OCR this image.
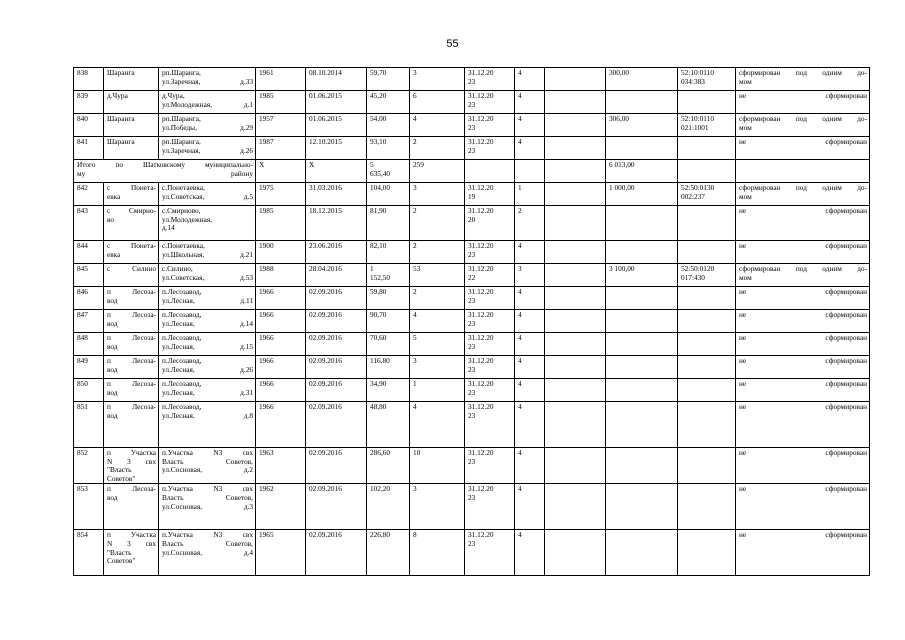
55
838	Шаранга	рп.Шаранга,
ул.Заречная, д.33	1961	08.10.2014	59,70	3	31.12.20
23	4		300,00	52:10:0110
034:383	сформирован под одним до-
мом
839	д.Чура	д.Чура,
ул.Молодежная, д.1	1985	01.06.2015	45,20	6	31.12.20
23	4				не сформирован
840	Шаранга	рп.Шаранга,
ул.Победы, д.29	1957	01.06.2015	54,00	4	31.12.20
23	4		306,00	52:10:0110
021:1001	сформирован под одним до-
мом
841	Шаранга	рп.Шаранга,
ул.Заречная, д.26	1987	12.10.2015	93,10	2	31.12.20
23	4				не сформирован
Итого по Шатковскому муниципально-
му району			Х	Х	5
635,40	259				6 013,00		
842	с Понета-
евка	с.Понетаевка,
ул.Советская, д.5	1975	31.03.2016	104,00	3	31.12.20
19	1		1 000,00	52:50:0130
002:237	сформирован под одним до-
мом
843	с Смирно-
во	с.Смирново,
ул.Молодежная,
д.14	1985	18.12.2015	81,90	2	31.12.20
20	2				не сформирован
844	с Понета-
евка	с.Понетаевка,
ул.Школьная, д.21	1900	23.06.2016	82,10	2	31.12.20
23	4				не сформирован
845	с Силино	с.Силино,
ул.Советская, д.53	1988	28.04.2016	1
152,50	53	31.12.20
22	3		3 100,00	52:50:0120
017:430	сформирован под одним до-
мом
846	п Лесоза-
вод	п.Лесозавод,
ул.Лесная, д.11	1966	02.09.2016	59,80	2	31.12.20
23	4				не сформирован
847	п Лесоза-
вод	п.Лесозавод,
ул.Лесная, д.14	1966	02.09.2016	90,70	4	31.12.20
23	4				не сформирован
848	п Лесоза-
вод	п.Лесозавод,
ул.Лесная, д.15	1966	02.09.2016	70,60	5	31.12.20
23	4				не сформирован
849	п Лесоза-
вод	п.Лесозавод,
ул.Лесная, д.26	1966	02.09.2016	116,80	3	31.12.20
23	4				не сформирован
850	п Лесоза-
вод	п.Лесозавод,
ул.Лесная, д.31	1966	02.09.2016	34,90	1	31.12.20
23	4				не сформирован
851	п Лесоза-
вод	п.Лесозавод,
ул.Лесная, д.8	1966	02.09.2016	48,80	4	31.12.20
23	4				не сформирован
852	п Участка
N 3 свх
"Власть
Советов"	п.Участка N3 свх
Власть Советов,
ул.Сосновая, д.2	1963	02.09.2016	286,60	10	31.12.20
23	4				не сформирован
853	п Лесоза-
вод	п.Участка N3 свх
Власть Советов,
ул.Сосновая, д.3	1962	02.09.2016	102,20	3	31.12.20
23	4				не сформирован
854	п Участка
N 3 свх
"Власть
Советов"	п.Участка N3 свх
Власть Советов,
ул.Сосновая, д.4	1965	02.09.2016	226,80	8	31.12.20
23	4				не сформирован
